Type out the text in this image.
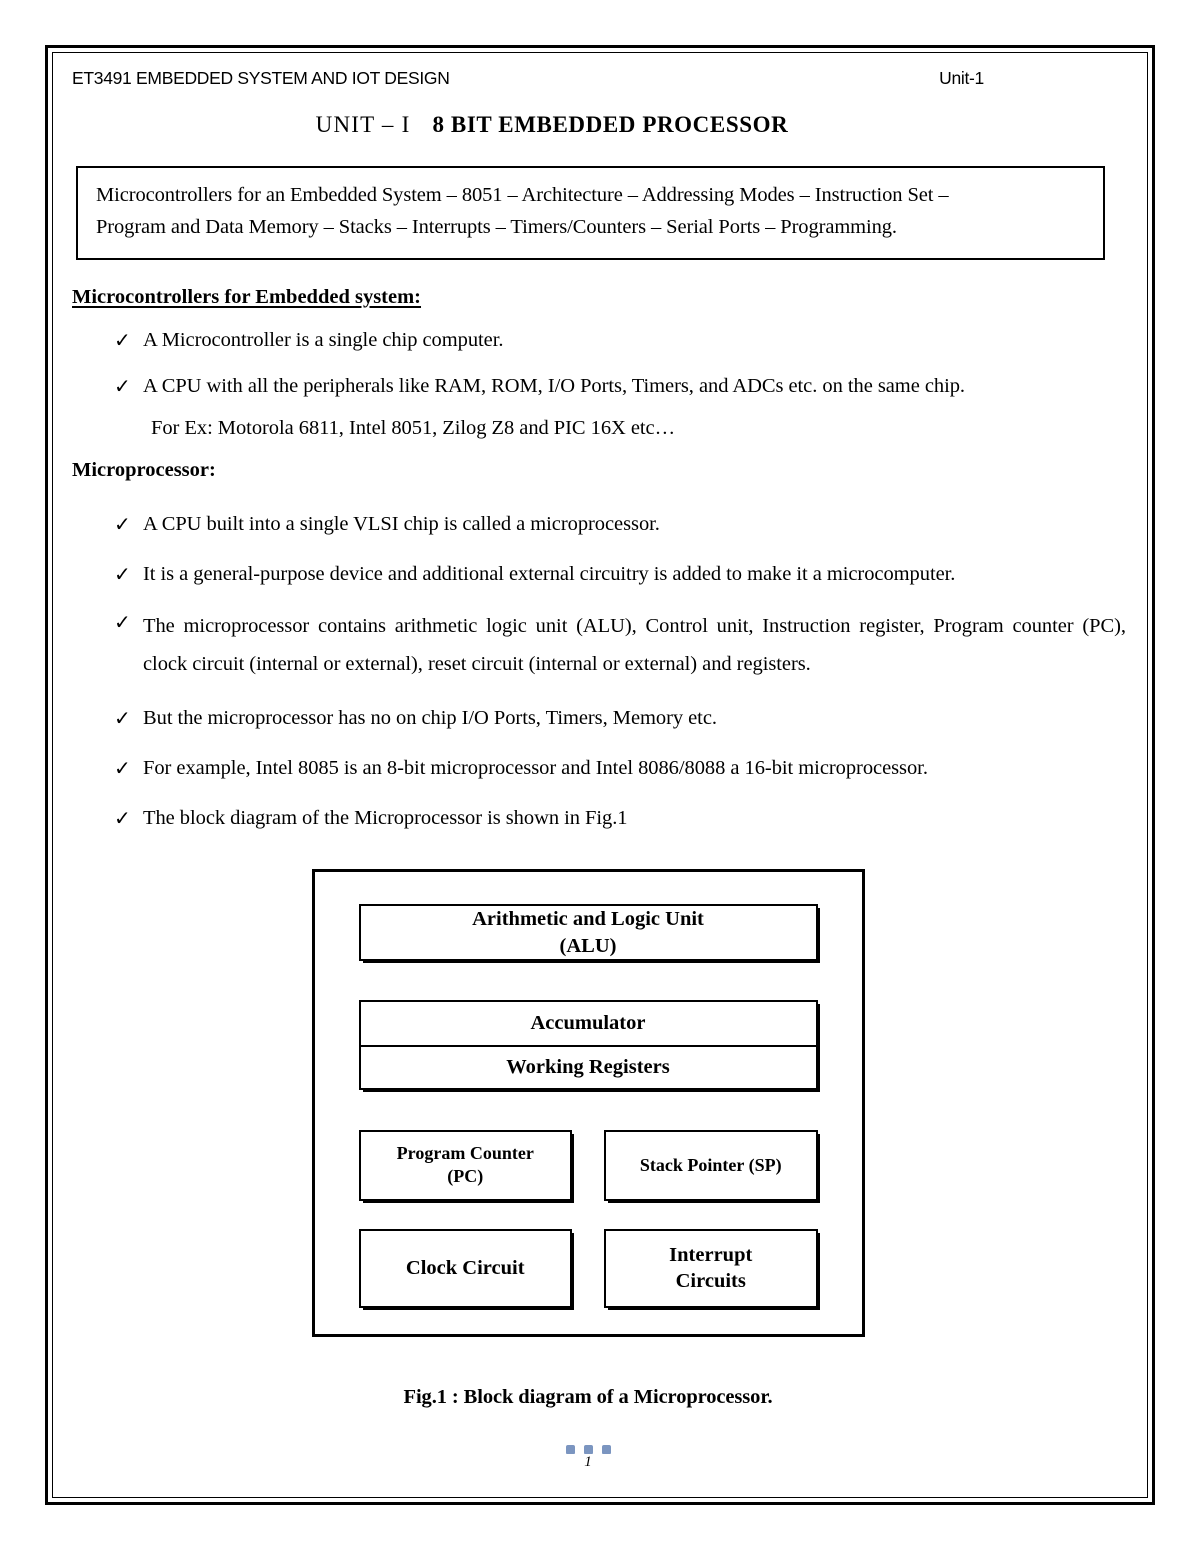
ET3491 EMBEDDED SYSTEM AND IOT DESIGN	Unit-1
UNIT – I 8 BIT EMBEDDED PROCESSOR
Microcontrollers for an Embedded System – 8051 – Architecture – Addressing Modes – Instruction Set –
Program and Data Memory – Stacks – Interrupts – Timers/Counters – Serial Ports – Programming.
Microcontrollers for Embedded system:
✓ A Microcontroller is a single chip computer.
✓ A CPU with all the peripherals like RAM, ROM, I/O Ports, Timers, and ADCs etc. on the same chip.
For Ex: Motorola 6811, Intel 8051, Zilog Z8 and PIC 16X etc…
Microprocessor:
✓ A CPU built into a single VLSI chip is called a microprocessor.
✓ It is a general-purpose device and additional external circuitry is added to make it a microcomputer.
✓ The microprocessor contains arithmetic logic unit (ALU), Control unit, Instruction register, Program counter (PC), clock circuit (internal or external), reset circuit (internal or external) and registers.
✓ But the microprocessor has no on chip I/O Ports, Timers, Memory etc.
✓ For example, Intel 8085 is an 8-bit microprocessor and Intel 8086/8088 a 16-bit microprocessor.
✓ The block diagram of the Microprocessor is shown in Fig.1
Arithmetic and Logic Unit
(ALU)
Accumulator
Working Registers
Program Counter
(PC)
Stack Pointer (SP)
Clock Circuit
Interrupt
Circuits
Fig.1 : Block diagram of a Microprocessor.
1
